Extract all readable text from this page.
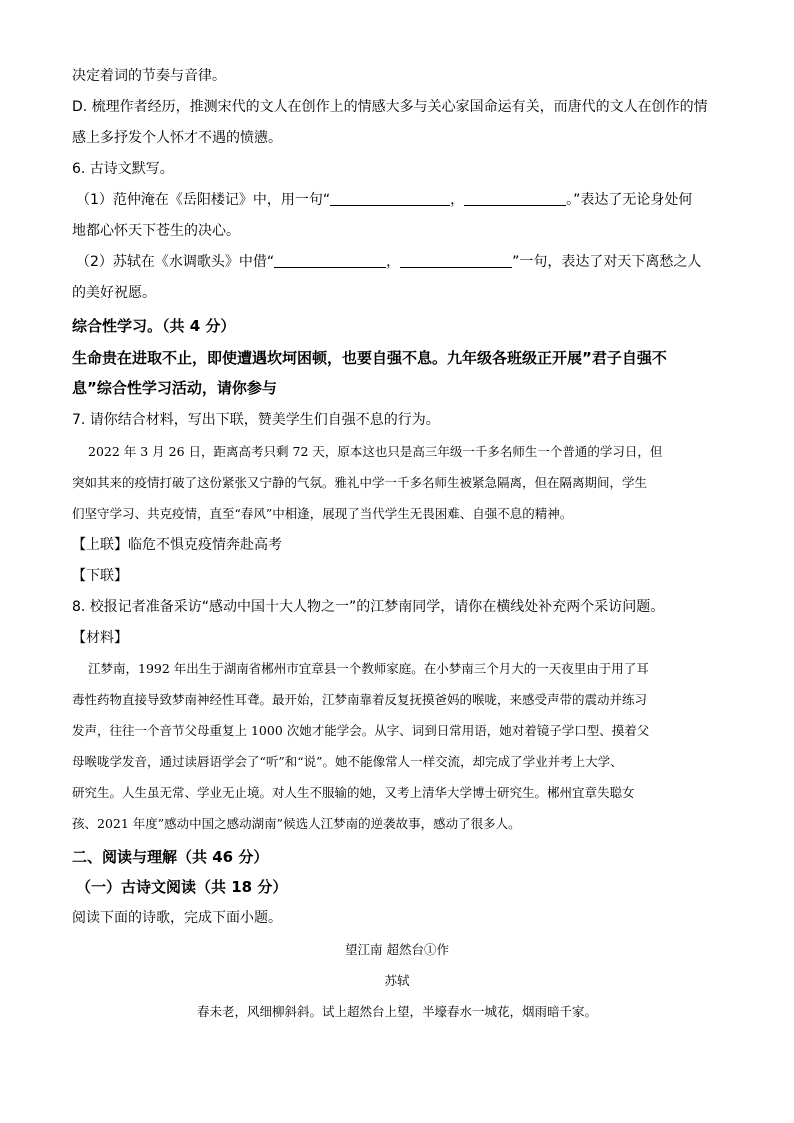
决定着词的节奏与音律。
D. 梳理作者经历，推测宋代的文人在创作上的情感大多与关心家国命运有关，而唐代的文人在创作的情
感上多抒发个人怀才不遇的愤懑。
6. 古诗文默写。
（1）范仲淹在《岳阳楼记》中，用一句“	，	。”表达了无论身处何
地都心怀天下苍生的决心。
（2）苏轼在《水调歌头》中借“	，	”一句，表达了对天下离愁之人
的美好祝愿。
综合性学习。（共 4 分）
生命贵在进取不止，即使遭遇坎坷困顿，也要自强不息。九年级各班级正开展”君子自强不
息”综合性学习活动，请你参与
7. 请你结合材料，写出下联，赞美学生们自强不息的行为。
2022 年 3 月 26 日，距离高考只剩 72 天，原本这也只是高三年级一千多名师生一个普通的学习日，但
突如其来的疫情打破了这份紧张又宁静的气氛。雅礼中学一千多名师生被紧急隔离，但在隔离期间，学生
们坚守学习、共克疫情，直至“春风”中相逢，展现了当代学生无畏困难、自强不息的精神。
【上联】临危不惧克疫情奔赴高考
【下联】
8. 校报记者准备采访“感动中国十大人物之一”的江梦南同学，请你在横线处补充两个采访问题。
【材料】
江梦南，1992 年出生于湖南省郴州市宜章县一个教师家庭。在小梦南三个月大的一天夜里由于用了耳
毒性药物直接导致梦南神经性耳聋。最开始，江梦南靠着反复抚摸爸妈的喉咙，来感受声带的震动并练习
发声，往往一个音节父母重复上 1000 次她才能学会。从字、词到日常用语，她对着镜子学口型、摸着父
母喉咙学发音，通过读唇语学会了“听”和“说”。她不能像常人一样交流，却完成了学业并考上大学、
研究生。人生虽无常、学业无止境。对人生不服输的她，又考上清华大学博士研究生。郴州宜章失聪女
孩、2021 年度”感动中国之感动湖南”候选人江梦南的逆袭故事，感动了很多人。
二、阅读与理解（共 46 分）
（一）古诗文阅读（共 18 分）
阅读下面的诗歌，完成下面小题。
望江南 超然台①作
苏轼
春未老，风细柳斜斜。试上超然台上望，半壕春水一城花，烟雨暗千家。
